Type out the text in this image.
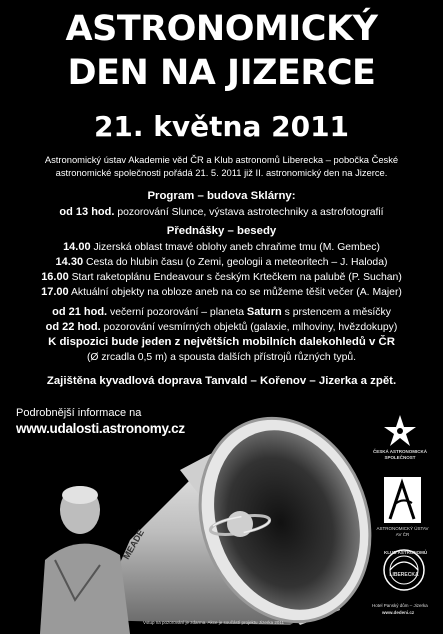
MEADE
ASTRONOMICKÝ
DEN NA JIZERCE
21. května 2011
Astronomický ústav Akademie věd ČR a Klub astronomů Liberecka – pobočka České astronomické společnosti pořádá 21. 5. 2011 již II. astronomický den na Jizerce.
Program – budova Sklárny:
od 13 hod. pozorování Slunce, výstava astrotechniky a astrofotografií
Přednášky – besedy
14.00 Jizerská oblast tmavé oblohy aneb chraňme tmu (M. Gembec)
14.30 Cesta do hlubin času (o Zemi, geologii a meteoritech – J. Haloda)
16.00 Start raketoplánu Endeavour s českým Krtečkem na palubě (P. Suchan)
17.00 Aktuální objekty na obloze aneb na co se můžeme těšit večer (A. Majer)
od 21 hod. večerní pozorování – planeta Saturn s prstencem a měsíčky
od 22 hod. pozorování vesmírných objektů (galaxie, mlhoviny, hvězdokupy)
K dispozici bude jeden z největších mobilních dalekohledů v ČR
(Ø zrcadla 0,5 m) a spousta dalších přístrojů různých typů.
Zajištěna kyvadlová doprava Tanvald – Kořenov – Jizerka a zpět.
Podrobnější informace na
www.udalosti.astronomy.cz
ČESKÁ ASTRONOMICKÁ SPOLEČNOST
ASTRONOMICKÝ ÚSTAV AV ČR
KLUB ASTRONOMŮ
LIBERECKA
Hotel Panský dům – Jizerka
www.dedeni.cz
Vstup na pozorování je zdarma. Akce je součástí projektu Jizerka 2011
